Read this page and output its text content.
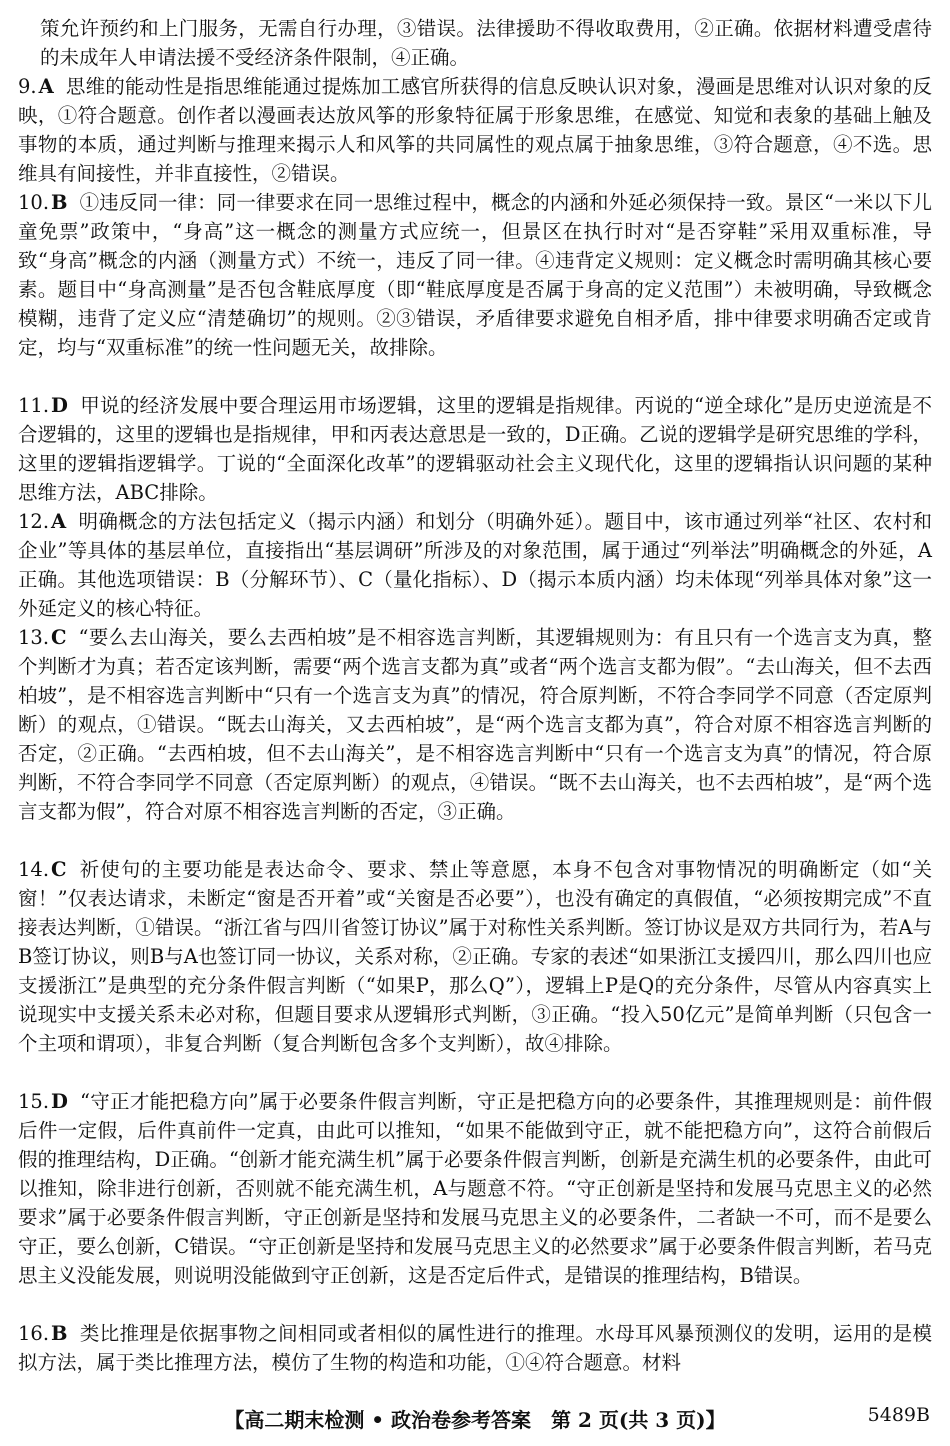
策允许预约和上门服务，无需自行办理，③错误。法律援助不得收取费用，②正确。依据材料遭受虐待的未成年人申请法援不受经济条件限制，④正确。

9. A 思维的能动性是指思维能通过提炼加工感官所获得的信息反映认识对象，漫画是思维对认识对象的反映，①符合题意。创作者以漫画表达放风筝的形象特征属于形象思维，在感觉、知觉和表象的基础上触及事物的本质，通过判断与推理来揭示人和风筝的共同属性的观点属于抽象思维，③符合题意，④不选。思维具有间接性，并非直接性，②错误。

10. B ①违反同一律：同一律要求在同一思维过程中，概念的内涵和外延必须保持一致。景区“一米以下儿童免票”政策中，“身高”这一概念的测量方式应统一，但景区在执行时对“是否穿鞋”采用双重标准，导致“身高”概念的内涵（测量方式）不统一，违反了同一律。④违背定义规则：定义概念时需明确其核心要素。题目中“身高测量”是否包含鞋底厚度（即“鞋底厚度是否属于身高的定义范围”）未被明确，导致概念模糊，违背了定义应“清楚确切”的规则。②③错误，矛盾律要求避免自相矛盾，排中律要求明确否定或肯定，均与“双重标准”的统一性问题无关，故排除。

11. D 甲说的经济发展中要合理运用市场逻辑，这里的逻辑是指规律。丙说的“逆全球化”是历史逆流是不合逻辑的，这里的逻辑也是指规律，甲和丙表达意思是一致的，D正确。乙说的逻辑学是研究思维的学科，这里的逻辑指逻辑学。丁说的“全面深化改革”的逻辑驱动社会主义现代化，这里的逻辑指认识问题的某种思维方法，ABC排除。

12. A 明确概念的方法包括定义（揭示内涵）和划分（明确外延）。题目中，该市通过列举“社区、农村和企业”等具体的基层单位，直接指出“基层调研”所涉及的对象范围，属于通过“列举法”明确概念的外延，A正确。其他选项错误：B（分解环节）、C（量化指标）、D（揭示本质内涵）均未体现“列举具体对象”这一外延定义的核心特征。

13. C “要么去山海关，要么去西柏坡”是不相容选言判断，其逻辑规则为：有且只有一个选言支为真，整个判断才为真；若否定该判断，需要“两个选言支都为真”或者“两个选言支都为假”。“去山海关，但不去西柏坡”，是不相容选言判断中“只有一个选言支为真”的情况，符合原判断，不符合李同学不同意（否定原判断）的观点，①错误。“既去山海关，又去西柏坡”，是“两个选言支都为真”，符合对原不相容选言判断的否定，②正确。“去西柏坡，但不去山海关”，是不相容选言判断中“只有一个选言支为真”的情况，符合原判断，不符合李同学不同意（否定原判断）的观点，④错误。“既不去山海关，也不去西柏坡”，是“两个选言支都为假”，符合对原不相容选言判断的否定，③正确。

14. C 祈使句的主要功能是表达命令、要求、禁止等意愿，本身不包含对事物情况的明确断定（如“关窗！”仅表达请求，未断定“窗是否开着”或“关窗是否必要”），也没有确定的真假值，“必须按期完成”不直接表达判断，①错误。“浙江省与四川省签订协议”属于对称性关系判断。签订协议是双方共同行为，若A与B签订协议，则B与A也签订同一协议，关系对称，②正确。专家的表述“如果浙江支援四川，那么四川也应支援浙江”是典型的充分条件假言判断（“如果P，那么Q”），逻辑上P是Q的充分条件，尽管从内容真实上说现实中支援关系未必对称，但题目要求从逻辑形式判断，③正确。“投入50亿元”是简单判断（只包含一个主项和谓项），非复合判断（复合判断包含多个支判断），故④排除。

15. D “守正才能把稳方向”属于必要条件假言判断，守正是把稳方向的必要条件，其推理规则是：前件假后件一定假，后件真前件一定真，由此可以推知，“如果不能做到守正，就不能把稳方向”，这符合前假后假的推理结构，D正确。“创新才能充满生机”属于必要条件假言判断，创新是充满生机的必要条件，由此可以推知，除非进行创新，否则就不能充满生机，A与题意不符。“守正创新是坚持和发展马克思主义的必然要求”属于必要条件假言判断，守正创新是坚持和发展马克思主义的必要条件，二者缺一不可，而不是要么守正，要么创新，C错误。“守正创新是坚持和发展马克思主义的必然要求”属于必要条件假言判断，若马克思主义没能发展，则说明没能做到守正创新，这是否定后件式，是错误的推理结构，B错误。

16. B 类比推理是依据事物之间相同或者相似的属性进行的推理。水母耳风暴预测仪的发明，运用的是模拟方法，属于类比推理方法，模仿了生物的构造和功能，①④符合题意。材料

【高二期末检测 • 政治卷参考答案　第 2 页(共 3 页)】	5489B
